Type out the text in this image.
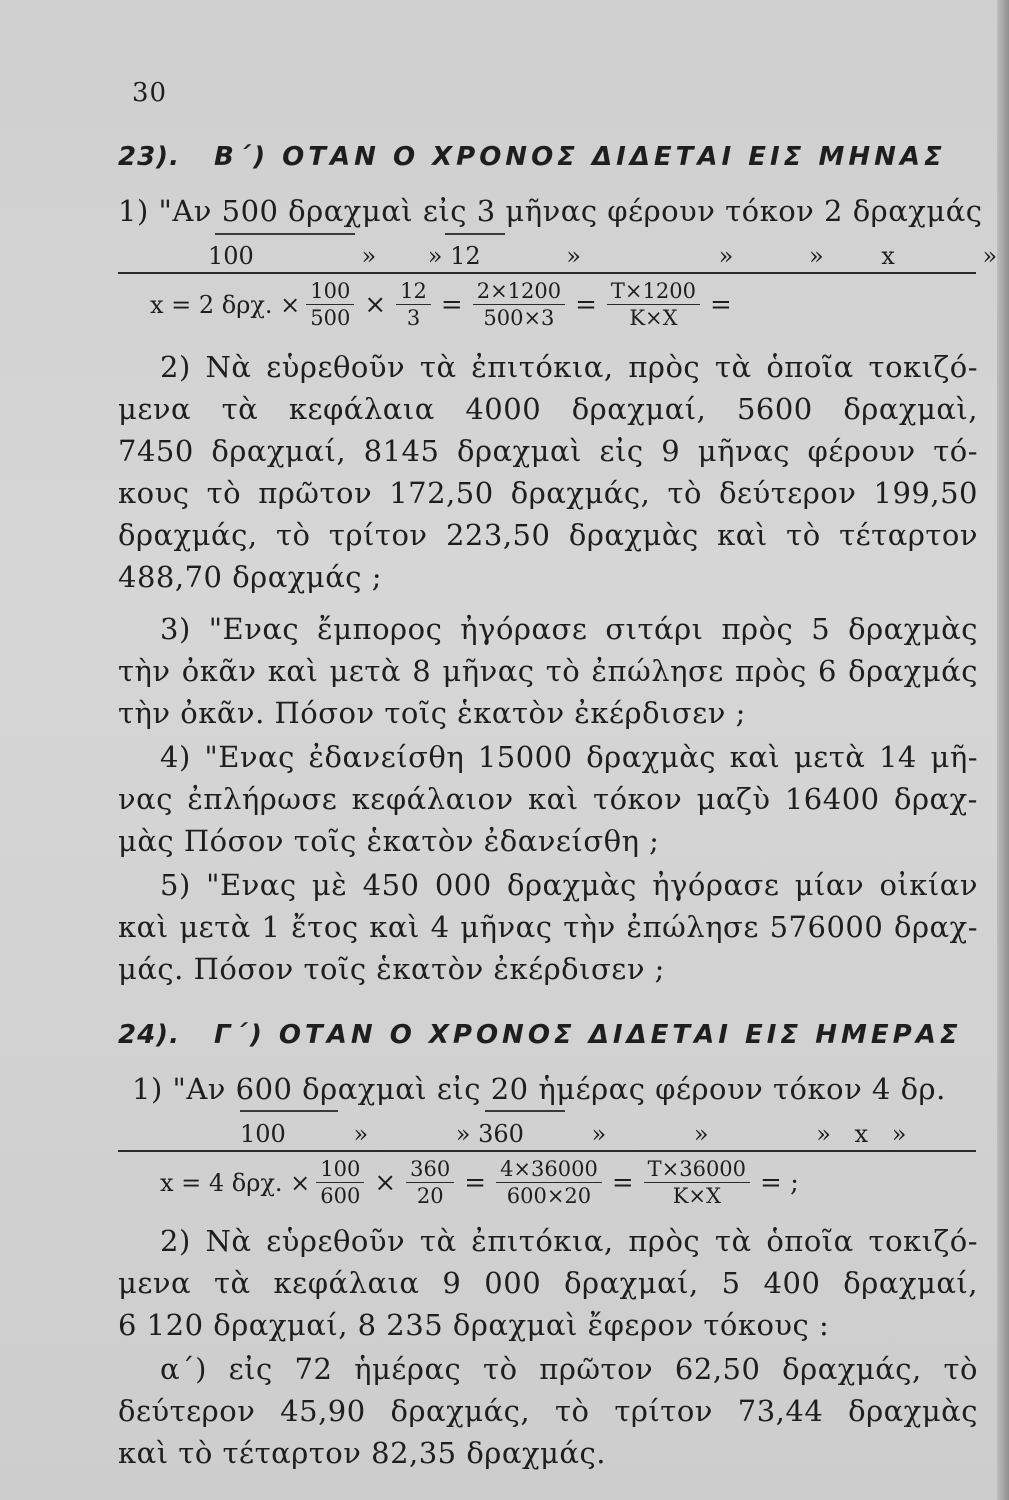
30
23). Β΄) ΟΤΑΝ Ο ΧΡΟΝΟΣ ΔΙΔΕΤΑΙ ΕΙΣ ΜΗΝΑΣ
1) "Αν 500 δραχμαὶ εἰς 3 μῆνας φέρουν τόκον 2 δραχμάς
100	» » 12	»	»	» x	»
x = 2 δρχ. × $\frac{100}{500} \times \frac{12}{3} = \frac{2\times 1200}{500\times 3} = \frac{T\times 1200}{K\times X}$ =
2) Νὰ εὑρεθοῦν τὰ ἐπιτόκια, πρὸς τὰ ὁποῖα τοκιζό-
μενα τὰ κεφάλαια 4000 δραχμαί, 5600 δραχμαὶ,
7450 δραχμαί, 8145 δραχμαὶ εἰς 9 μῆνας φέρουν τό-
κους τὸ πρῶτον 172,50 δραχμάς, τὸ δεύτερον 199,50
δραχμάς, τὸ τρίτον 223,50 δραχμὰς καὶ τὸ τέταρτον
488,70 δραχμάς ;
3) "Ενας ἔμπορος ἠγόρασε σιτάρι πρὸς 5 δραχμὰς
τὴν ὀκᾶν καὶ μετὰ 8 μῆνας τὸ ἐπώλησε πρὸς 6 δραχμάς
τὴν ὀκᾶν. Πόσον τοῖς ἑκατὸν ἐκέρδισεν ;
4) "Ενας ἐδανείσθη 15000 δραχμὰς καὶ μετὰ 14 μῆ-
νας ἐπλήρωσε κεφάλαιον καὶ τόκον μαζὺ 16400 δραχ-
μὰς Πόσον τοῖς ἑκατὸν ἐδανείσθη ;
5) "Ενας μὲ 450 000 δραχμὰς ἠγόρασε μίαν οἰκίαν
καὶ μετὰ 1 ἔτος καὶ 4 μῆνας τὴν ἐπώλησε 576000 δραχ-
μάς. Πόσον τοῖς ἑκατὸν ἐκέρδισεν ;
24). Γ΄) ΟΤΑΝ Ο ΧΡΟΝΟΣ ΔΙΔΕΤΑΙ ΕΙΣ ΗΜΕΡΑΣ
1) "Αν 600 δραχμαὶ εἰς 20 ἡμέρας φέρουν τόκον 4 δρ.
100	»	» 360	»	»	» x »
x = 4 δρχ. × $\frac{100}{600} \times \frac{360}{20} = \frac{4\times 36000}{600\times 20} = \frac{T\times 36000}{K\times X}$ = ;
2) Νὰ εὑρεθοῦν τὰ ἐπιτόκια, πρὸς τὰ ὁποῖα τοκιζό-
μενα τὰ κεφάλαια 9 000 δραχμαί, 5 400 δραχμαί,
6 120 δραχμαί, 8 235 δραχμαὶ ἔφερον τόκους :
α΄) εἰς 72 ἡμέρας τὸ πρῶτον 62,50 δραχμάς, τὸ
δεύτερον 45,90 δραχμάς, τὸ τρίτον 73,44 δραχμὰς
καὶ τὸ τέταρτον 82,35 δραχμάς.
